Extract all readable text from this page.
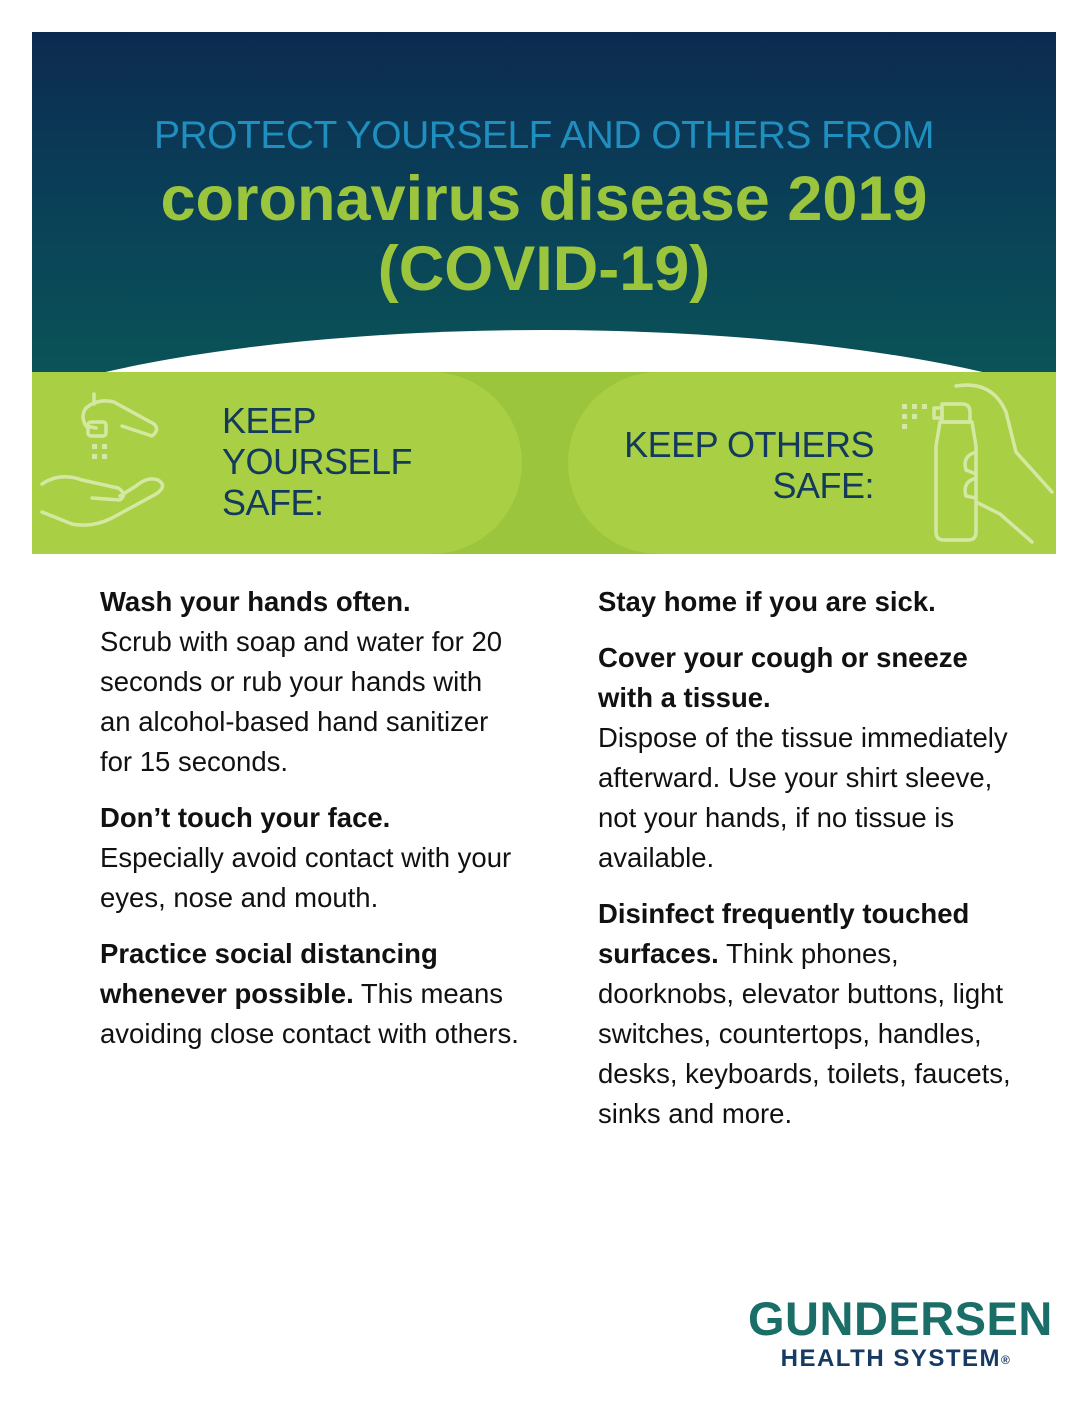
PROTECT YOURSELF AND OTHERS FROM
coronavirus disease 2019
(COVID-19)
KEEP
YOURSELF
SAFE:
KEEP OTHERS
SAFE:

Wash your hands often.
Scrub with soap and water for 20 seconds or rub your hands with an alcohol-based hand sanitizer for 15 seconds.

Don’t touch your face.
Especially avoid contact with your eyes, nose and mouth.

Practice social distancing whenever possible. This means avoiding close contact with others.

Stay home if you are sick.

Cover your cough or sneeze with a tissue.
Dispose of the tissue immediately afterward. Use your shirt sleeve, not your hands, if no tissue is available.

Disinfect frequently touched surfaces. Think phones, doorknobs, elevator buttons, light switches, countertops, handles, desks, keyboards, toilets, faucets, sinks and more.

GUNDERSEN
HEALTH SYSTEM®
